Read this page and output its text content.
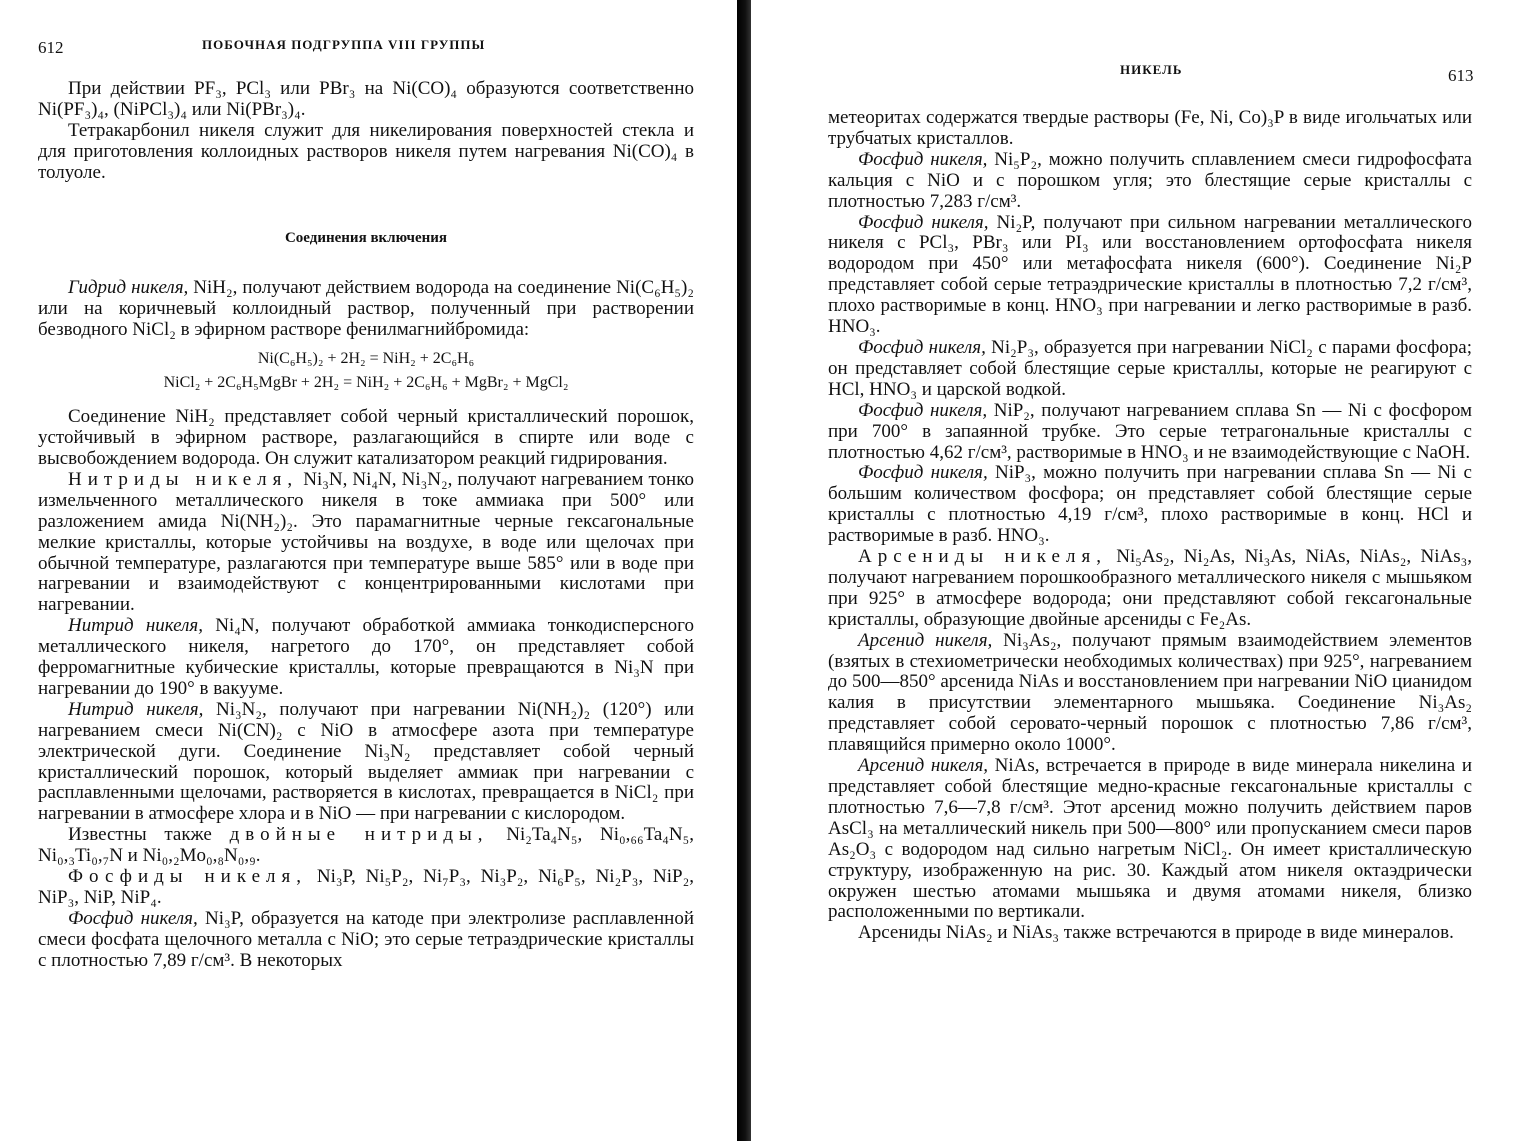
612	ПОБОЧНАЯ ПОДГРУППА VIII ГРУППЫ

При действии PF₃, PCl₃ или PBr₃ на Ni(CO)₄ образуются соответственно Ni(PF₃)₄, (NiPCl₃)₄ или Ni(PBr₃)₄.

Тетракарбонил никеля служит для никелирования поверхностей стекла и для приготовления коллоидных растворов никеля путем нагревания Ni(CO)₄ в толуоле.

Соединения включения

Гидрид никеля, NiH₂, получают действием водорода на соединение Ni(C₆H₅)₂ или на коричневый коллоидный раствор, полученный при растворении безводного NiCl₂ в эфирном растворе фенилмагнийбромида:

Ni(C₆H₅)₂ + 2H₂ = NiH₂ + 2C₆H₆
NiCl₂ + 2C₆H₅MgBr + 2H₂ = NiH₂ + 2C₆H₆ + MgBr₂ + MgCl₂

Соединение NiH₂ представляет собой черный кристаллический порошок, устойчивый в эфирном растворе, разлагающийся в спирте или воде с высвобождением водорода. Он служит катализатором реакций гидрирования.

Нитриды никеля, Ni₃N, Ni₄N, Ni₃N₂, получают нагреванием тонко измельченного металлического никеля в токе аммиака при 500° или разложением амида Ni(NH₂)₂. Это парамагнитные черные гексагональные мелкие кристаллы, которые устойчивы на воздухе, в воде или щелочах при обычной температуре, разлагаются при температуре выше 585° или в воде при нагревании и взаимодействуют с концентрированными кислотами при нагревании.

Нитрид никеля, Ni₄N, получают обработкой аммиака тонкодисперсного металлического никеля, нагретого до 170°, он представляет собой ферромагнитные кубические кристаллы, которые превращаются в Ni₃N при нагревании до 190° в вакууме.

Нитрид никеля, Ni₃N₂, получают при нагревании Ni(NH₂)₂ (120°) или нагреванием смеси Ni(CN)₂ с NiO в атмосфере азота при температуре электрической дуги. Соединение Ni₃N₂ представляет собой черный кристаллический порошок, который выделяет аммиак при нагревании с расплавленными щелочами, растворяется в кислотах, превращается в NiCl₂ при нагревании в атмосфере хлора и в NiO — при нагревании с кислородом.

Известны также двойные нитриды, Ni₂Ta₄N₅, Ni₀,₆₆Ta₄N₅, Ni₀,₃Ti₀,₇N и Ni₀,₂Mo₀,₈N₀,₉.

Фосфиды никеля, Ni₃P, Ni₅P₂, Ni₇P₃, Ni₃P₂, Ni₆P₅, Ni₂P₃, NiP₂, NiP₃, NiP, NiP₄.

Фосфид никеля, Ni₃P, образуется на катоде при электролизе расплавленной смеси фосфата щелочного металла с NiO; это серые тетраэдрические кристаллы с плотностью 7,89 г/см³. В некоторых

НИКЕЛЬ	613

метеоритах содержатся твердые растворы (Fe, Ni, Co)₃P в виде игольчатых или трубчатых кристаллов.

Фосфид никеля, Ni₅P₂, можно получить сплавлением смеси гидрофосфата кальция с NiO и с порошком угля; это блестящие серые кристаллы с плотностью 7,283 г/см³.

Фосфид никеля, Ni₂P, получают при сильном нагревании металлического никеля с PCl₃, PBr₃ или PI₃ или восстановлением ортофосфата никеля водородом при 450° или метафосфата никеля (600°). Соединение Ni₂P представляет собой серые тетраэдрические кристаллы в плотностью 7,2 г/см³, плохо растворимые в конц. HNO₃ при нагревании и легко растворимые в разб. HNO₃.

Фосфид никеля, Ni₂P₃, образуется при нагревании NiCl₂ с парами фосфора; он представляет собой блестящие серые кристаллы, которые не реагируют с HCl, HNO₃ и царской водкой.

Фосфид никеля, NiP₂, получают нагреванием сплава Sn — Ni с фосфором при 700° в запаянной трубке. Это серые тетрагональные кристаллы с плотностью 4,62 г/см³, растворимые в HNO₃ и не взаимодействующие с NaOH.

Фосфид никеля, NiP₃, можно получить при нагревании сплава Sn — Ni с большим количеством фосфора; он представляет собой блестящие серые кристаллы с плотностью 4,19 г/см³, плохо растворимые в конц. HCl и растворимые в разб. HNO₃.

Арсениды никеля, Ni₅As₂, Ni₂As, Ni₃As, NiAs, NiAs₂, NiAs₃, получают нагреванием порошкообразного металлического никеля с мышьяком при 925° в атмосфере водорода; они представляют собой гексагональные кристаллы, образующие двойные арсениды с Fe₂As.

Арсенид никеля, Ni₃As₂, получают прямым взаимодействием элементов (взятых в стехиометрически необходимых количествах) при 925°, нагреванием до 500—850° арсенида NiAs и восстановлением при нагревании NiO цианидом калия в присутствии элементарного мышьяка. Соединение Ni₃As₂ представляет собой серовато-черный порошок с плотностью 7,86 г/см³, плавящийся примерно около 1000°.

Арсенид никеля, NiAs, встречается в природе в виде минерала никелина и представляет собой блестящие медно-красные гексагональные кристаллы с плотностью 7,6—7,8 г/см³. Этот арсенид можно получить действием паров AsCl₃ на металлический никель при 500—800° или пропусканием смеси паров As₂O₃ с водородом над сильно нагретым NiCl₂. Он имеет кристаллическую структуру, изображенную на рис. 30. Каждый атом никеля октаэдрически окружен шестью атомами мышьяка и двумя атомами никеля, близко расположенными по вертикали.

Арсениды NiAs₂ и NiAs₃ также встречаются в природе в виде минералов.
